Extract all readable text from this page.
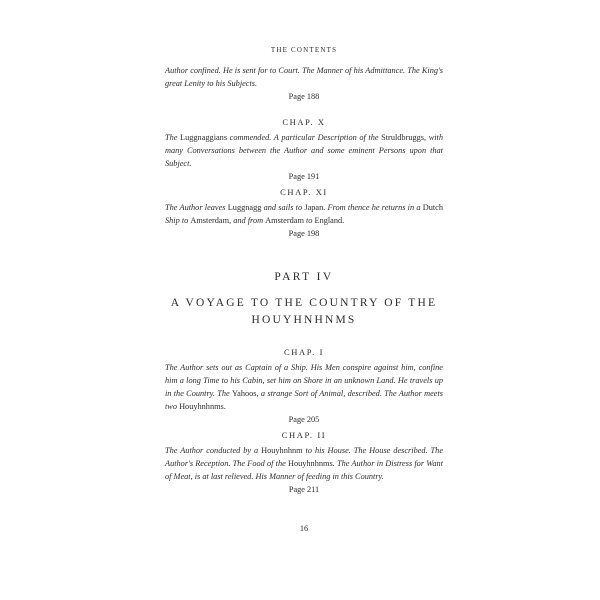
THE CONTENTS

Author confined. He is sent for to Court. The Manner of his Admittance. The King's great Lenity to his Subjects.

Page 188
CHAP. X

The Luggnaggians commended. A particular Description of the Struldbruggs, with many Conversations between the Author and some eminent Persons upon that Subject.

Page 191
CHAP. XI

The Author leaves Luggnagg and sails to Japan. From thence he returns in a Dutch Ship to Amsterdam, and from Amsterdam to England.

Page 198
PART IV
A VOYAGE TO THE COUNTRY OF THE HOUYHNHNMS
CHAP. I

The Author sets out as Captain of a Ship. His Men conspire against him, confine him a long Time to his Cabin, set him on Shore in an unknown Land. He travels up in the Country. The Yahoos, a strange Sort of Animal, described. The Author meets two Houyhnhnms.

Page 205
CHAP. II

The Author conducted by a Houyhnhnm to his House. The House described. The Author's Reception. The Food of the Houyhnhnms. The Author in Distress for Want of Meat, is at last relieved. His Manner of feeding in this Country.

Page 211
16
